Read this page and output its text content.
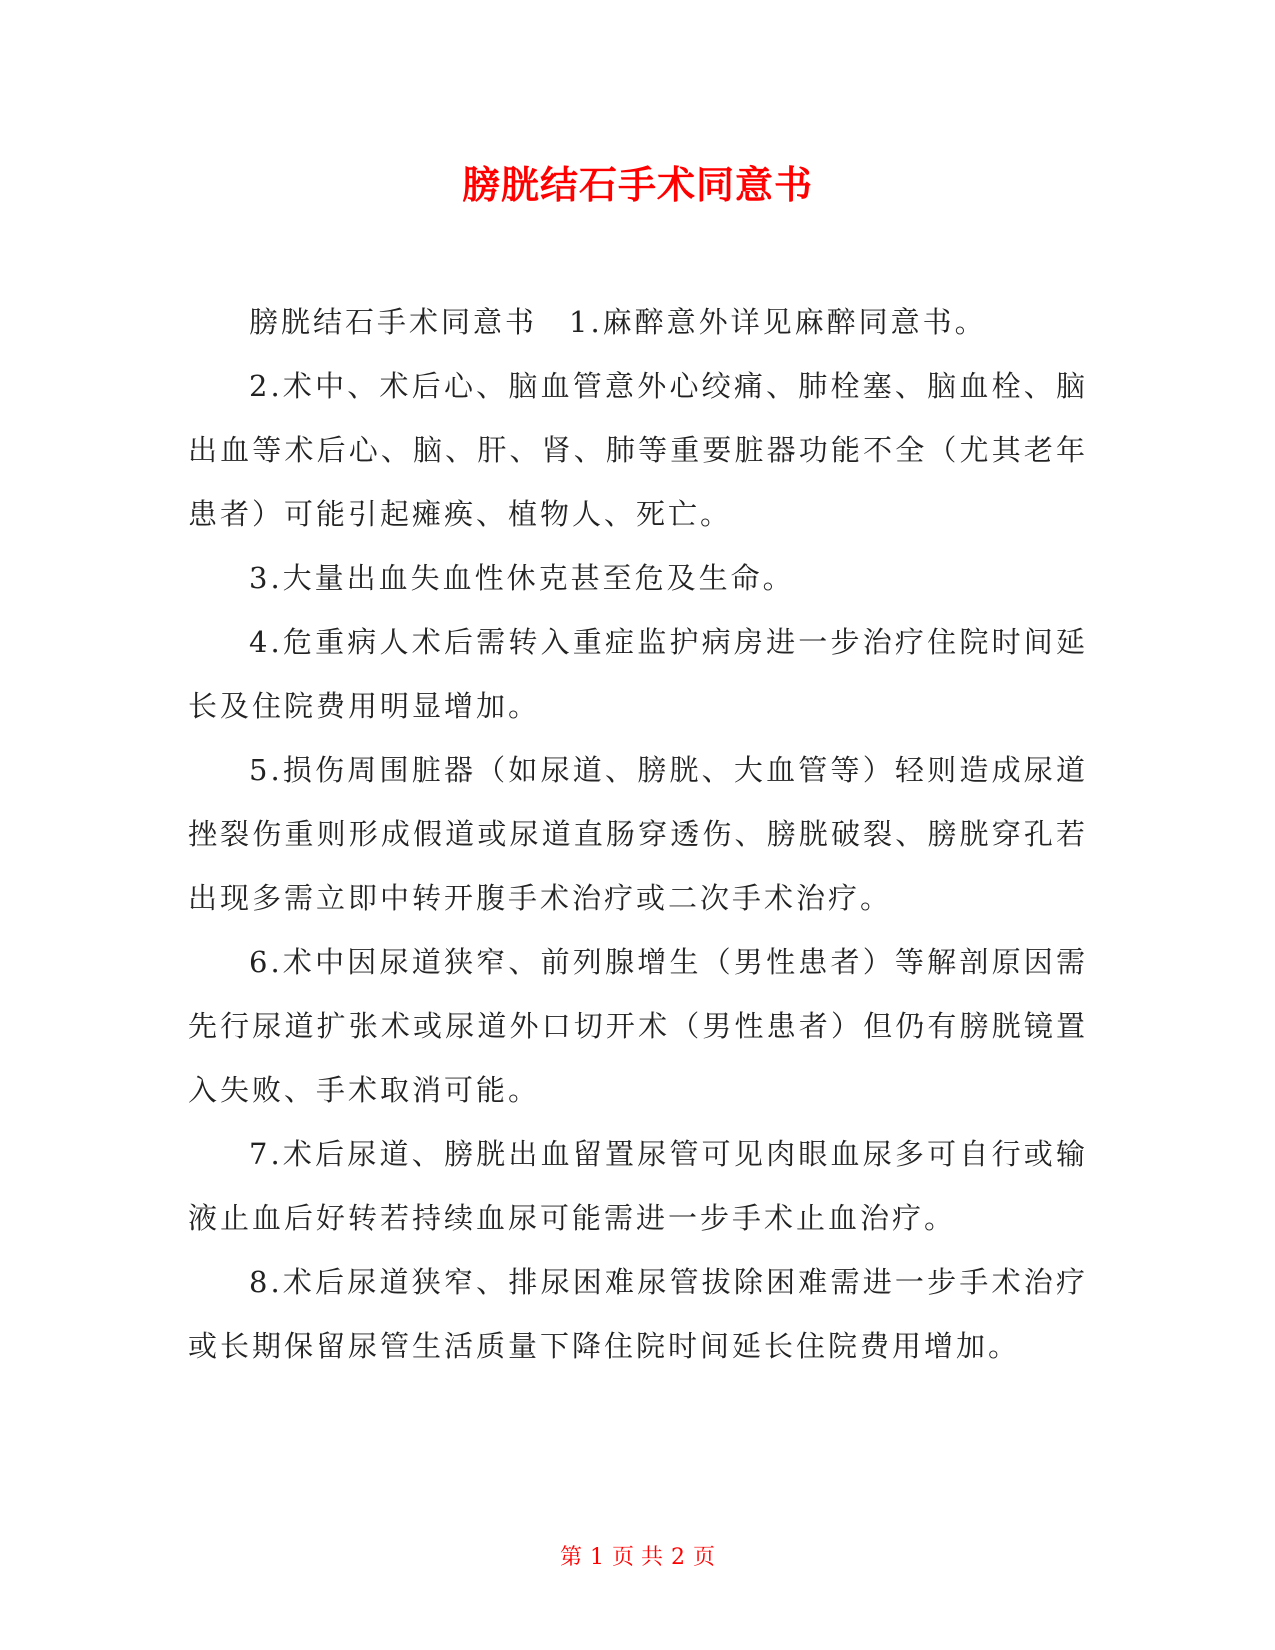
膀胱结石手术同意书

膀胱结石手术同意书　1.麻醉意外详见麻醉同意书。

2.术中、术后心、脑血管意外心绞痛、肺栓塞、脑血栓、脑出血等术后心、脑、肝、肾、肺等重要脏器功能不全（尤其老年患者）可能引起瘫痪、植物人、死亡。

3.大量出血失血性休克甚至危及生命。

4.危重病人术后需转入重症监护病房进一步治疗住院时间延长及住院费用明显增加。

5.损伤周围脏器（如尿道、膀胱、大血管等）轻则造成尿道挫裂伤重则形成假道或尿道直肠穿透伤、膀胱破裂、膀胱穿孔若出现多需立即中转开腹手术治疗或二次手术治疗。

6.术中因尿道狭窄、前列腺增生（男性患者）等解剖原因需先行尿道扩张术或尿道外口切开术（男性患者）但仍有膀胱镜置入失败、手术取消可能。

7.术后尿道、膀胱出血留置尿管可见肉眼血尿多可自行或输液止血后好转若持续血尿可能需进一步手术止血治疗。

8.术后尿道狭窄、排尿困难尿管拔除困难需进一步手术治疗或长期保留尿管生活质量下降住院时间延长住院费用增加。

第 1 页 共 2 页
